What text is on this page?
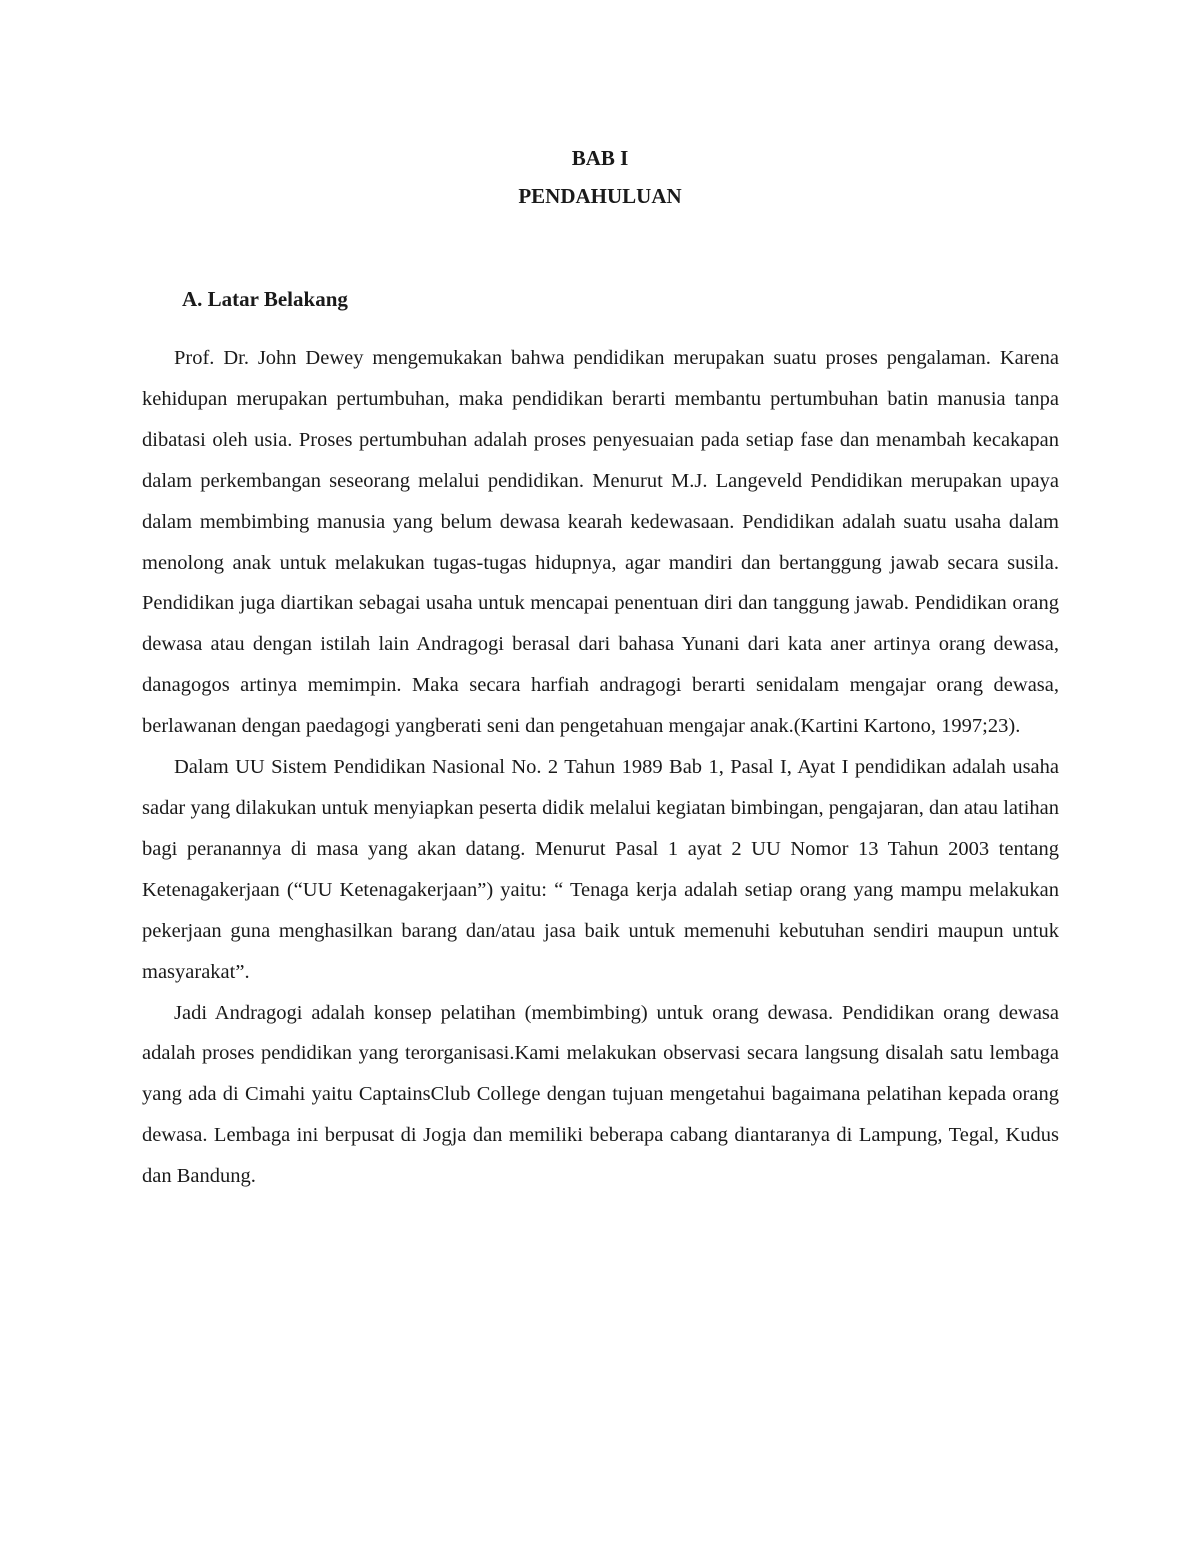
BAB I
PENDAHULUAN
A. Latar Belakang

Prof. Dr. John Dewey mengemukakan bahwa pendidikan merupakan suatu proses pengalaman. Karena kehidupan merupakan pertumbuhan, maka pendidikan berarti membantu pertumbuhan batin manusia tanpa dibatasi oleh usia. Proses pertumbuhan adalah proses penyesuaian pada setiap fase dan menambah kecakapan dalam perkembangan seseorang melalui pendidikan. Menurut M.J. Langeveld Pendidikan merupakan upaya dalam membimbing manusia yang belum dewasa kearah kedewasaan. Pendidikan adalah suatu usaha dalam menolong anak untuk melakukan tugas-tugas hidupnya, agar mandiri dan bertanggung jawab secara susila. Pendidikan juga diartikan sebagai usaha untuk mencapai penentuan diri dan tanggung jawab. Pendidikan orang dewasa atau dengan istilah lain Andragogi berasal dari bahasa Yunani dari kata aner artinya orang dewasa, danagogos artinya memimpin. Maka secara harfiah andragogi berarti senidalam mengajar orang dewasa, berlawanan dengan paedagogi yangberati seni dan pengetahuan mengajar anak.(Kartini Kartono, 1997;23).

Dalam UU Sistem Pendidikan Nasional No. 2 Tahun 1989 Bab 1, Pasal I, Ayat I pendidikan adalah usaha sadar yang dilakukan untuk menyiapkan peserta didik melalui kegiatan bimbingan, pengajaran, dan atau latihan bagi peranannya di masa yang akan datang. Menurut Pasal 1 ayat 2 UU Nomor 13 Tahun 2003 tentang Ketenagakerjaan (“UU Ketenagakerjaan”) yaitu: “ Tenaga kerja adalah setiap orang yang mampu melakukan pekerjaan guna menghasilkan barang dan/atau jasa baik untuk memenuhi kebutuhan sendiri maupun untuk masyarakat”.

Jadi Andragogi adalah konsep pelatihan (membimbing) untuk orang dewasa. Pendidikan orang dewasa adalah proses pendidikan yang terorganisasi.Kami melakukan observasi secara langsung disalah satu lembaga yang ada di Cimahi yaitu CaptainsClub College dengan tujuan mengetahui bagaimana pelatihan kepada orang dewasa. Lembaga ini berpusat di Jogja dan memiliki beberapa cabang diantaranya di Lampung, Tegal, Kudus dan Bandung.
